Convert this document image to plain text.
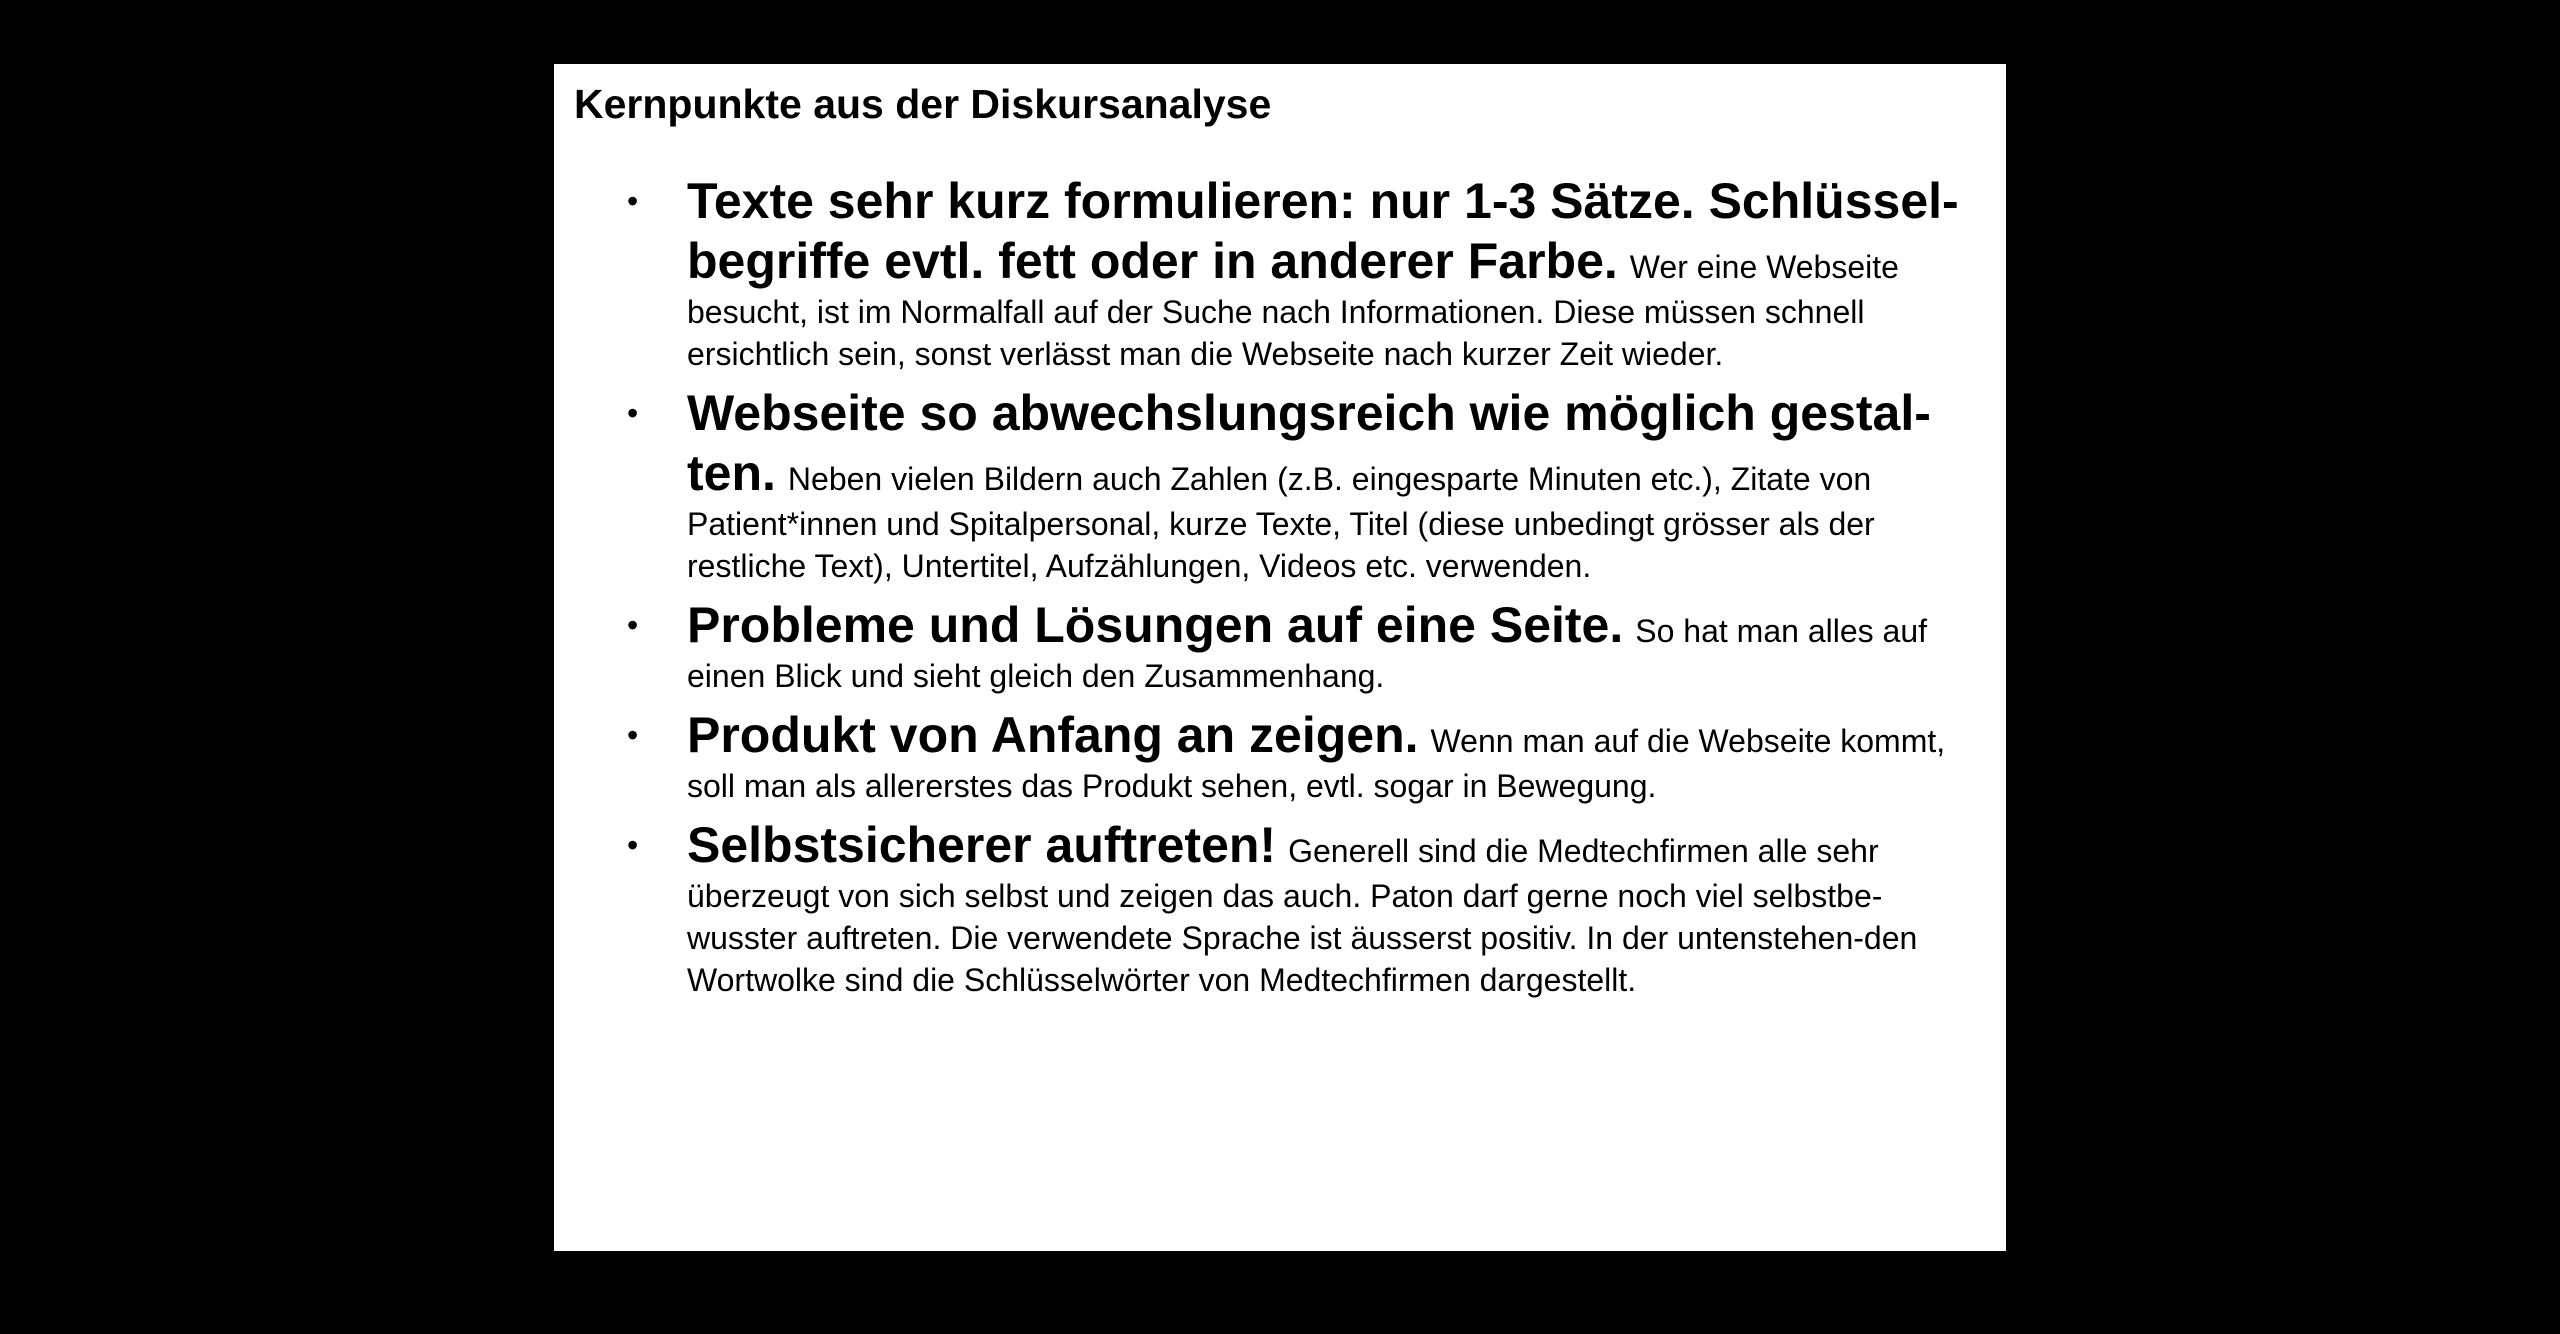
Kernpunkte aus der Diskursanalyse
• Texte sehr kurz formulieren: nur 1-3 Sätze. Schlüssel-begriffe evtl. fett oder in anderer Farbe. Wer eine Webseite besucht, ist im Normalfall auf der Suche nach Informationen. Diese müssen schnell ersichtlich sein, sonst verlässt man die Webseite nach kurzer Zeit wieder.
• Webseite so abwechslungsreich wie möglich gestal-ten. Neben vielen Bildern auch Zahlen (z.B. eingesparte Minuten etc.), Zitate von Patient*innen und Spitalpersonal, kurze Texte, Titel (diese unbedingt grösser als der restliche Text), Untertitel, Aufzählungen, Videos etc. verwenden.
• Probleme und Lösungen auf eine Seite. So hat man alles auf einen Blick und sieht gleich den Zusammenhang.
• Produkt von Anfang an zeigen. Wenn man auf die Webseite kommt, soll man als allererstes das Produkt sehen, evtl. sogar in Bewegung.
• Selbstsicherer auftreten! Generell sind die Medtechfirmen alle sehr überzeugt von sich selbst und zeigen das auch. Paton darf gerne noch viel selbstbe-wusster auftreten. Die verwendete Sprache ist äusserst positiv. In der untenstehen-den Wortwolke sind die Schlüsselwörter von Medtechfirmen dargestellt.
